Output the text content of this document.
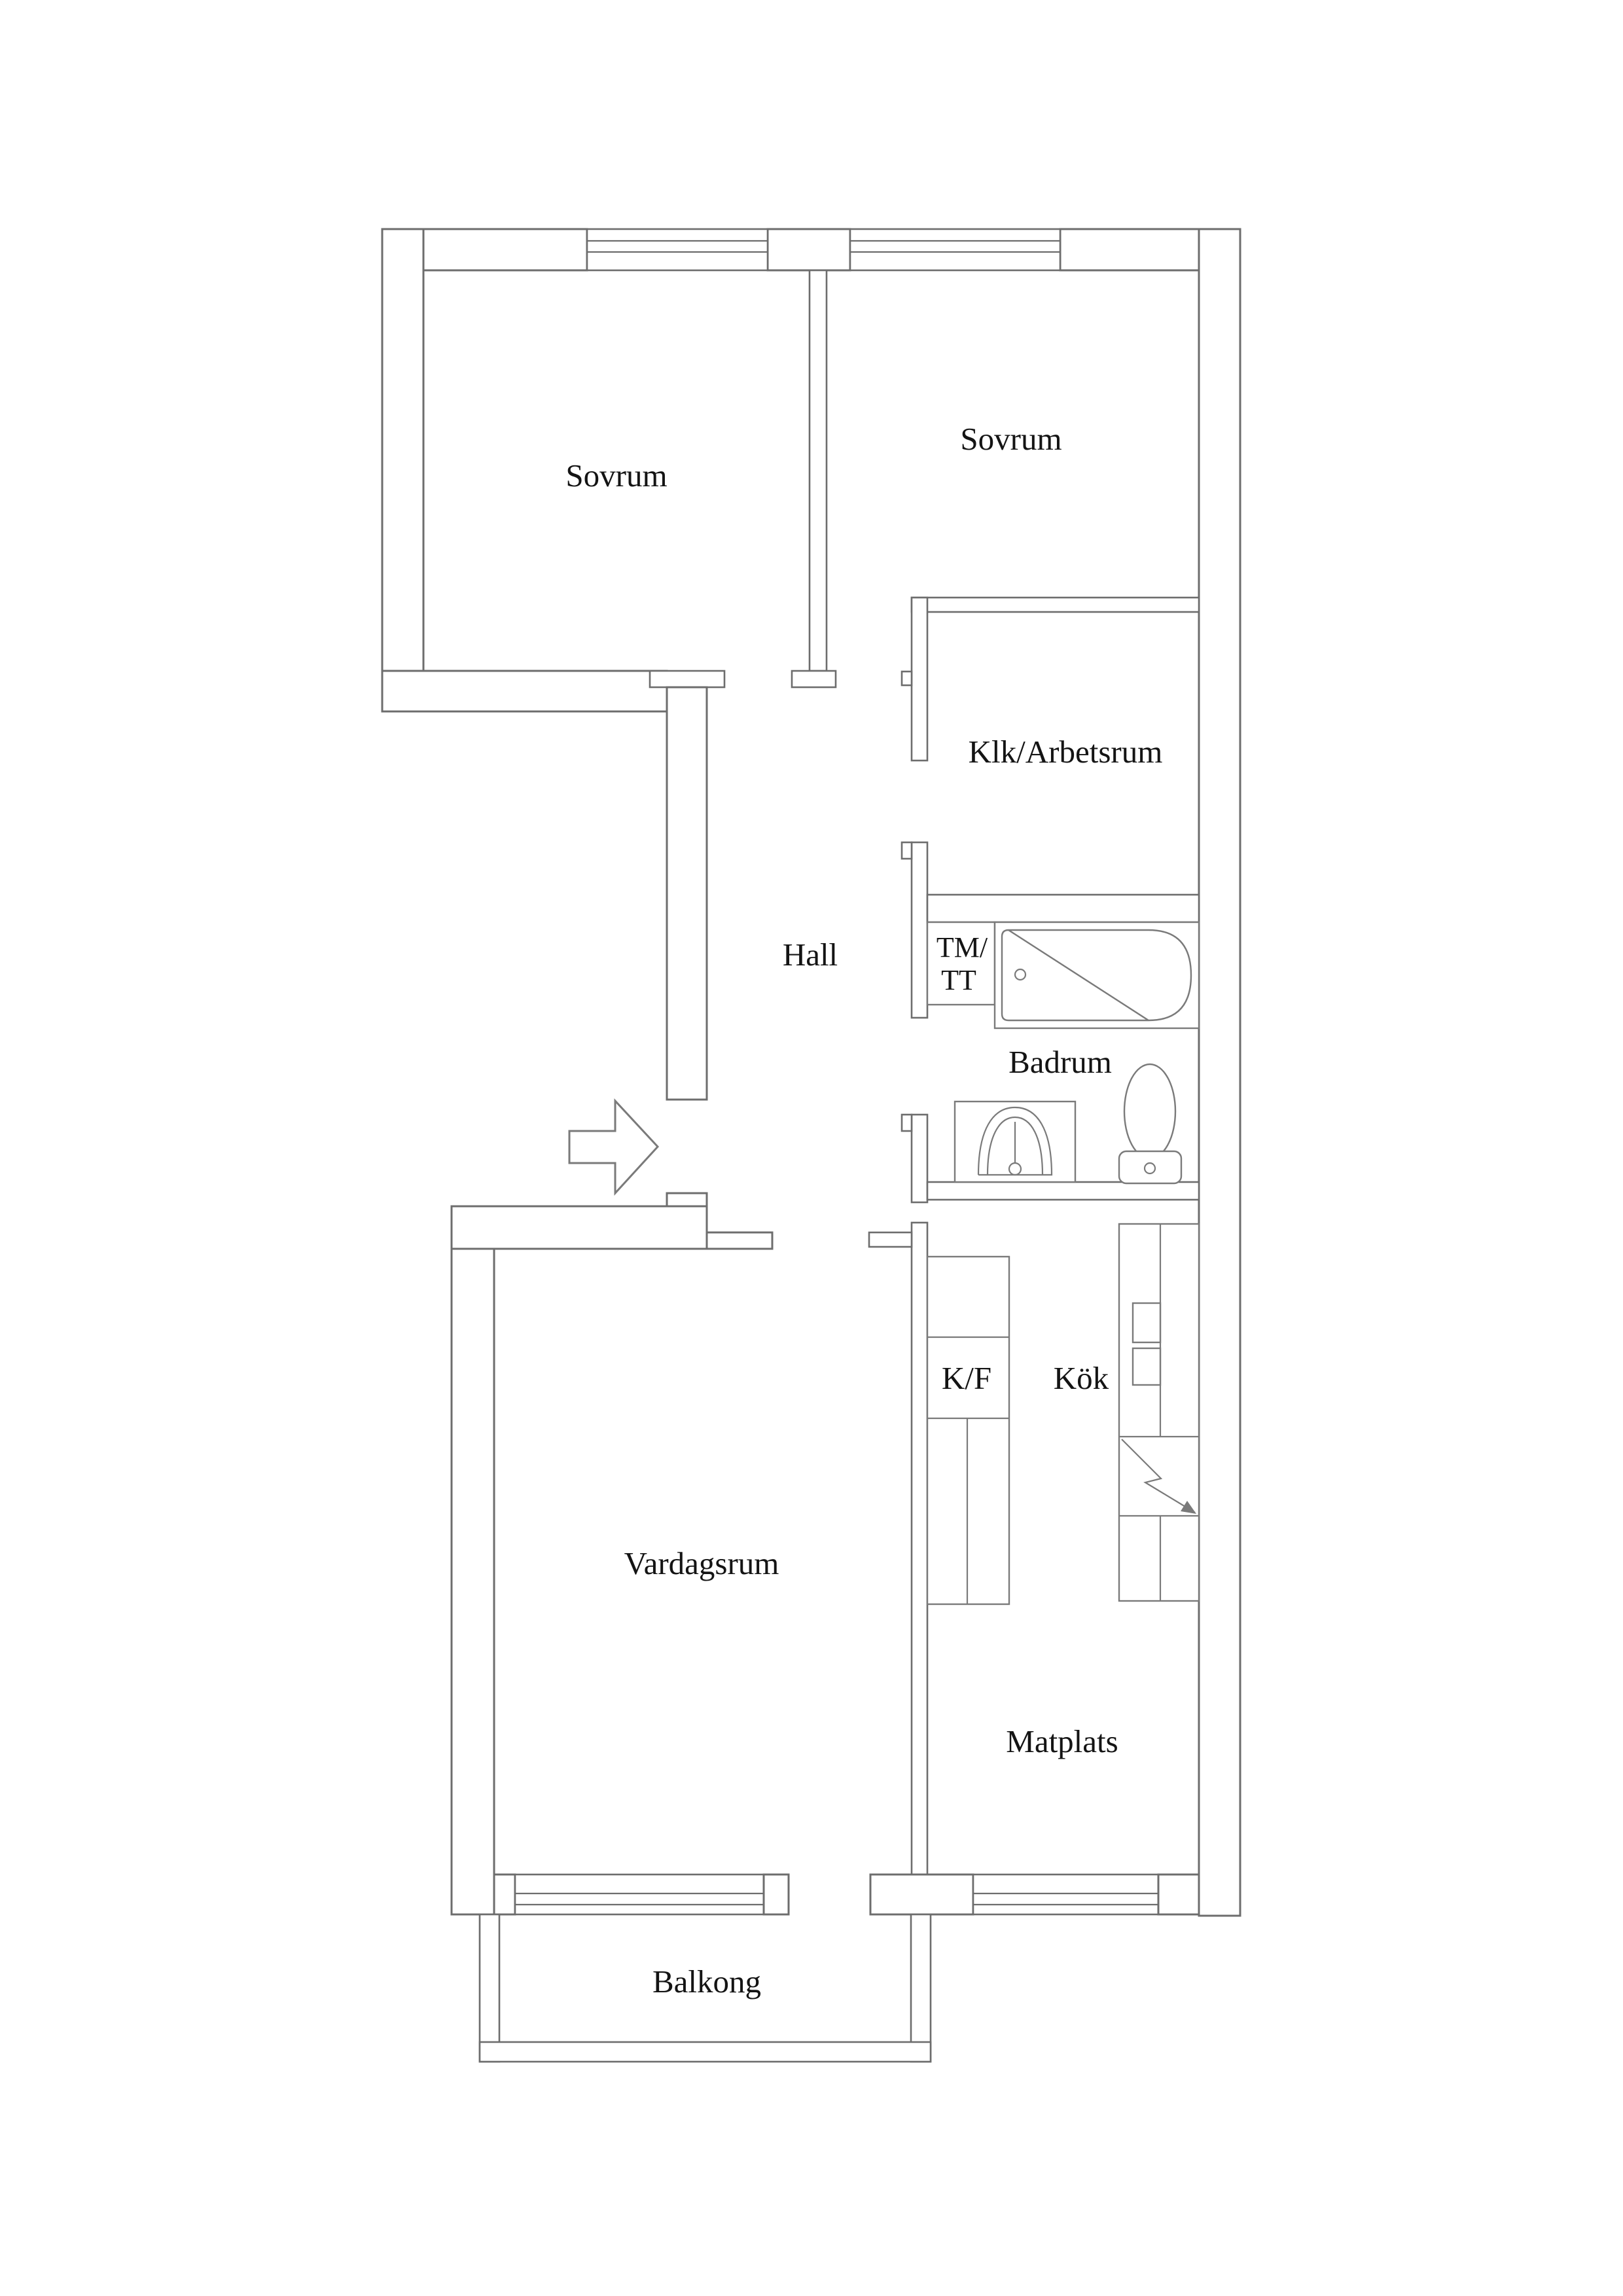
Sovrum
Sovrum
Klk/Arbetsrum
Hall	TM/
TT
Badrum
K/F Kök
Vardagsrum
Matplats
Balkong
